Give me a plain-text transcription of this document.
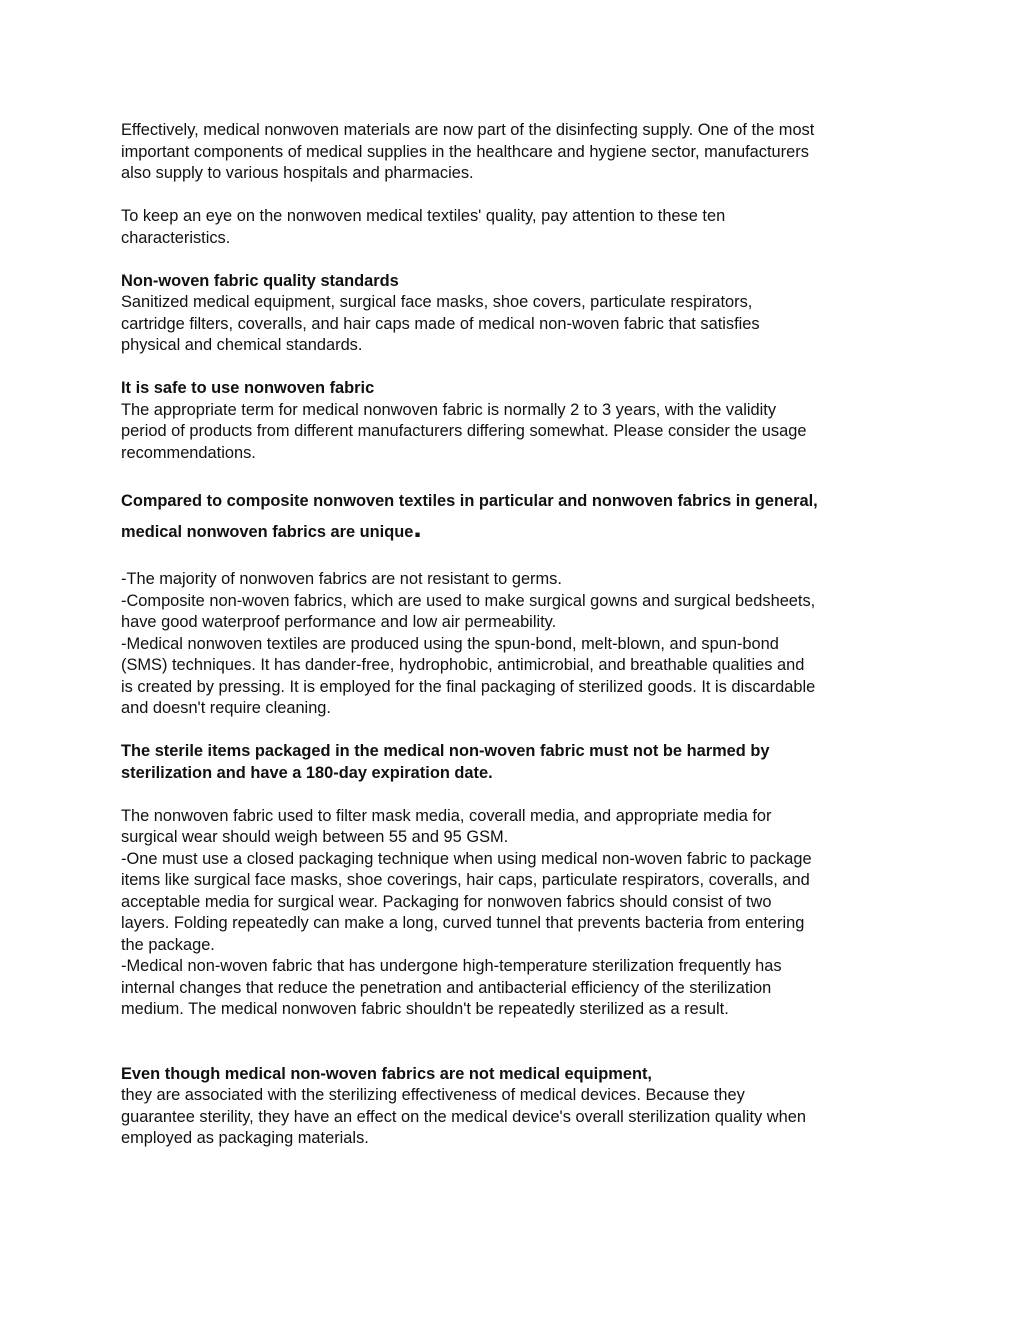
Effectively, medical nonwoven materials are now part of the disinfecting supply. One of the most
important components of medical supplies in the healthcare and hygiene sector, manufacturers
also supply to various hospitals and pharmacies.

To keep an eye on the nonwoven medical textiles' quality, pay attention to these ten
characteristics.

Non-woven fabric quality standards
Sanitized medical equipment, surgical face masks, shoe covers, particulate respirators,
cartridge filters, coveralls, and hair caps made of medical non-woven fabric that satisfies
physical and chemical standards.

It is safe to use nonwoven fabric
The appropriate term for medical nonwoven fabric is normally 2 to 3 years, with the validity
period of products from different manufacturers differing somewhat. Please consider the usage
recommendations.

Compared to composite nonwoven textiles in particular and nonwoven fabrics in general,
medical nonwoven fabrics are unique.

-The majority of nonwoven fabrics are not resistant to germs.
-Composite non-woven fabrics, which are used to make surgical gowns and surgical bedsheets,
have good waterproof performance and low air permeability.
-Medical nonwoven textiles are produced using the spun-bond, melt-blown, and spun-bond
(SMS) techniques. It has dander-free, hydrophobic, antimicrobial, and breathable qualities and
is created by pressing. It is employed for the final packaging of sterilized goods. It is discardable
and doesn't require cleaning.

The sterile items packaged in the medical non-woven fabric must not be harmed by
sterilization and have a 180-day expiration date.

The nonwoven fabric used to filter mask media, coverall media, and appropriate media for
surgical wear should weigh between 55 and 95 GSM.
-One must use a closed packaging technique when using medical non-woven fabric to package
items like surgical face masks, shoe coverings, hair caps, particulate respirators, coveralls, and
acceptable media for surgical wear. Packaging for nonwoven fabrics should consist of two
layers. Folding repeatedly can make a long, curved tunnel that prevents bacteria from entering
the package.
-Medical non-woven fabric that has undergone high-temperature sterilization frequently has
internal changes that reduce the penetration and antibacterial efficiency of the sterilization
medium. The medical nonwoven fabric shouldn't be repeatedly sterilized as a result.

Even though medical non-woven fabrics are not medical equipment,
they are associated with the sterilizing effectiveness of medical devices. Because they
guarantee sterility, they have an effect on the medical device's overall sterilization quality when
employed as packaging materials.
